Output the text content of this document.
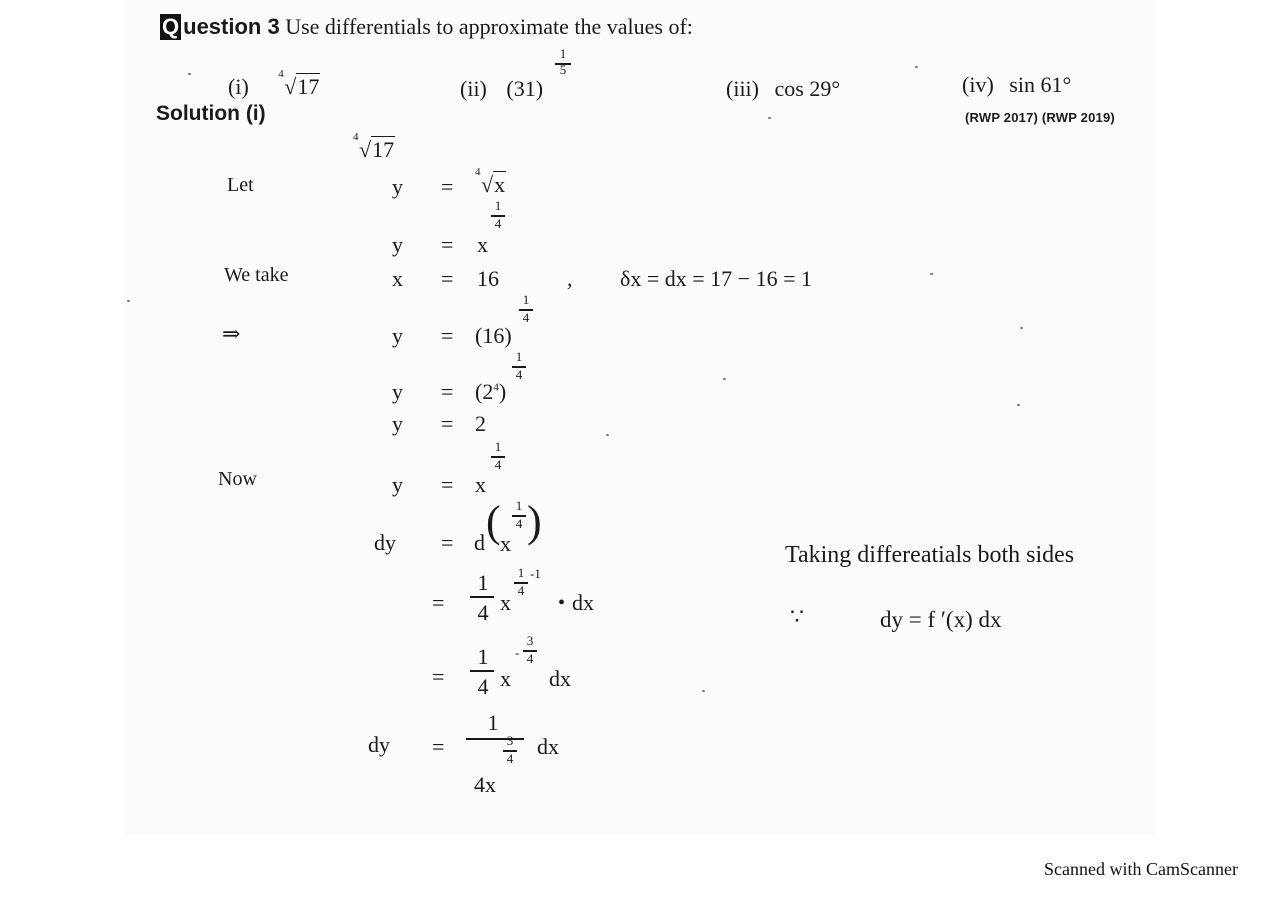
Q uestion 3 Use differentials to approximate the values of:
(i)	4 √17	(ii) (31)
1
5
(iii) cos 29°	(iv) sin 61°
Solution (i)	(RWP 2017) (RWP 2019)
4 √17
Let	y =
4 √x
y = x
1
4
We take	x = 16	, δx = dx = 17 − 16 = 1
⇒	y = (16)
1
4
$y = (2^4)$
1
4
y = 2
Now	y = x
1
4
dy = d ( x
1
4 )
=
1
4 x
1
4
-1
• dx
=
1
4 x
-
3
4
dx
dy =
1
3
4
4x
dx
Taking differeatials both sides
∵	dy = f ′(x) dx
Scanned with CamScanner
